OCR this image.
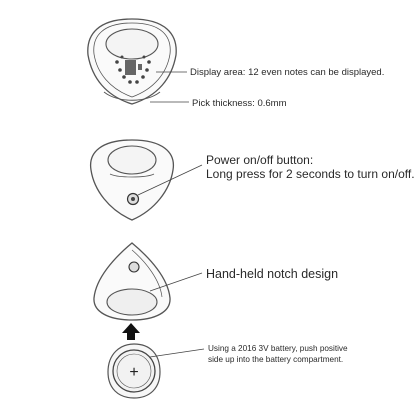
+
Display area: 12 even notes can be displayed.
Pick thickness: 0.6mm
Power on/off button:
Long press for 2 seconds to turn on/off.
Hand-held notch design
Using a 2016 3V battery, push positive
side up into the battery compartment.
